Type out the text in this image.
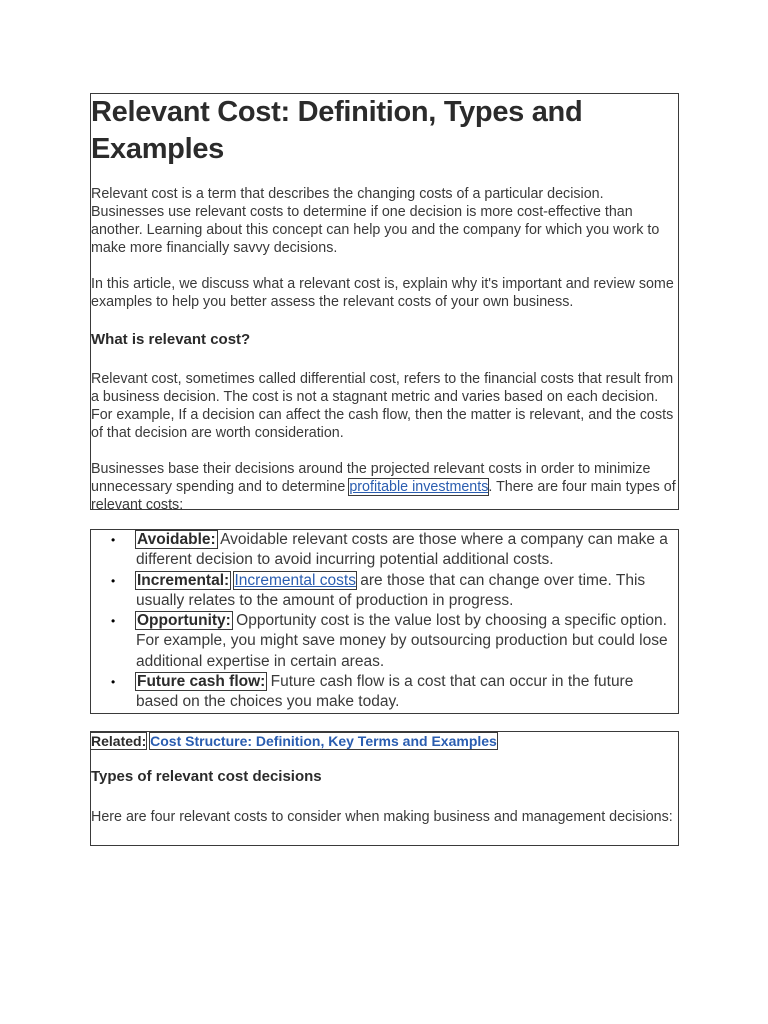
Relevant Cost: Definition, Types and Examples

Relevant cost is a term that describes the changing costs of a particular decision. Businesses use relevant costs to determine if one decision is more cost-effective than another. Learning about this concept can help you and the company for which you work to make more financially savvy decisions.

In this article, we discuss what a relevant cost is, explain why it's important and review some examples to help you better assess the relevant costs of your own business.

What is relevant cost?

Relevant cost, sometimes called differential cost, refers to the financial costs that result from a business decision. The cost is not a stagnant metric and varies based on each decision. For example, If a decision can affect the cash flow, then the matter is relevant, and the costs of that decision are worth consideration.

Businesses base their decisions around the projected relevant costs in order to minimize unnecessary spending and to determine profitable investments. There are four main types of relevant costs:

• Avoidable: Avoidable relevant costs are those where a company can make a different decision to avoid incurring potential additional costs.
• Incremental: Incremental costs are those that can change over time. This usually relates to the amount of production in progress.
• Opportunity: Opportunity cost is the value lost by choosing a specific option. For example, you might save money by outsourcing production but could lose additional expertise in certain areas.
• Future cash flow: Future cash flow is a cost that can occur in the future based on the choices you make today.
Related: Cost Structure: Definition, Key Terms and Examples
Types of relevant cost decisions

Here are four relevant costs to consider when making business and management decisions:
